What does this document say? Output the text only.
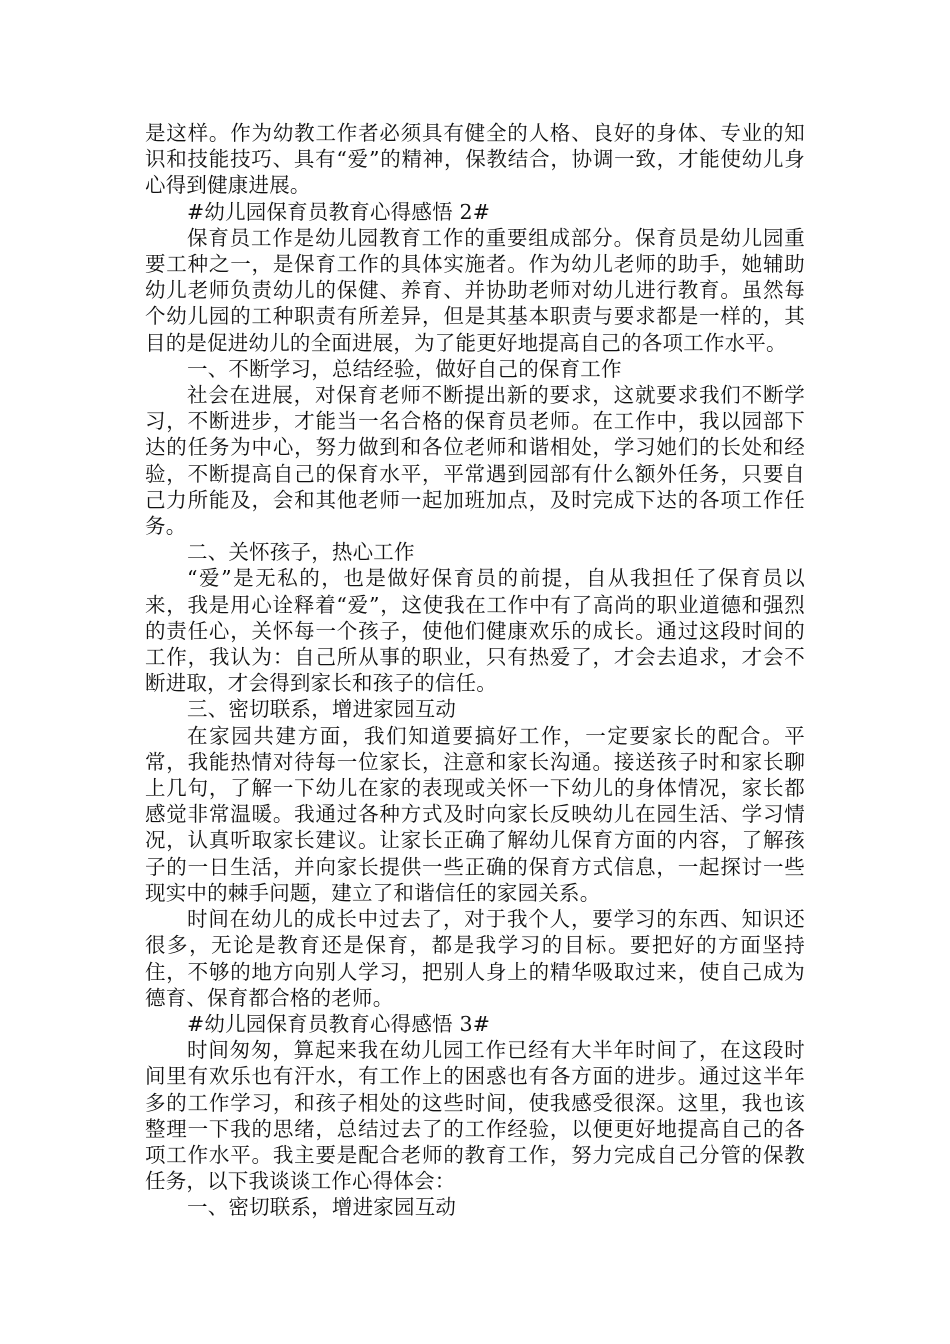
是这样。作为幼教工作者必须具有健全的人格、良好的身体、专业的知识和技能技巧、具有“爱”的精神，保教结合，协调一致，才能使幼儿身心得到健康进展。

#幼儿园保育员教育心得感悟 2#

保育员工作是幼儿园教育工作的重要组成部分。保育员是幼儿园重要工种之一，是保育工作的具体实施者。作为幼儿老师的助手，她辅助幼儿老师负责幼儿的保健、养育、并协助老师对幼儿进行教育。虽然每个幼儿园的工种职责有所差异，但是其基本职责与要求都是一样的，其目的是促进幼儿的全面进展，为了能更好地提高自己的各项工作水平。

一、不断学习，总结经验，做好自己的保育工作

社会在进展，对保育老师不断提出新的要求，这就要求我们不断学习，不断进步，才能当一名合格的保育员老师。在工作中，我以园部下达的任务为中心，努力做到和各位老师和谐相处，学习她们的长处和经验，不断提高自己的保育水平，平常遇到园部有什么额外任务，只要自己力所能及，会和其他老师一起加班加点，及时完成下达的各项工作任务。

二、关怀孩子，热心工作

“爱”是无私的，也是做好保育员的前提，自从我担任了保育员以来，我是用心诠释着“爱”，这使我在工作中有了高尚的职业道德和强烈的责任心，关怀每一个孩子，使他们健康欢乐的成长。通过这段时间的工作，我认为：自己所从事的职业，只有热爱了，才会去追求，才会不断进取，才会得到家长和孩子的信任。

三、密切联系，增进家园互动

在家园共建方面，我们知道要搞好工作，一定要家长的配合。平常，我能热情对待每一位家长，注意和家长沟通。接送孩子时和家长聊上几句，了解一下幼儿在家的表现或关怀一下幼儿的身体情况，家长都感觉非常温暖。我通过各种方式及时向家长反映幼儿在园生活、学习情况，认真听取家长建议。让家长正确了解幼儿保育方面的内容，了解孩子的一日生活，并向家长提供一些正确的保育方式信息，一起探讨一些现实中的棘手问题，建立了和谐信任的家园关系。

时间在幼儿的成长中过去了，对于我个人，要学习的东西、知识还很多，无论是教育还是保育，都是我学习的目标。要把好的方面坚持住，不够的地方向别人学习，把别人身上的精华吸取过来，使自己成为德育、保育都合格的老师。

#幼儿园保育员教育心得感悟 3#

时间匆匆，算起来我在幼儿园工作已经有大半年时间了，在这段时间里有欢乐也有汗水，有工作上的困惑也有各方面的进步。通过这半年多的工作学习，和孩子相处的这些时间，使我感受很深。这里，我也该整理一下我的思绪，总结过去了的工作经验，以便更好地提高自己的各项工作水平。我主要是配合老师的教育工作，努力完成自己分管的保教任务，以下我谈谈工作心得体会：

一、密切联系，增进家园互动
